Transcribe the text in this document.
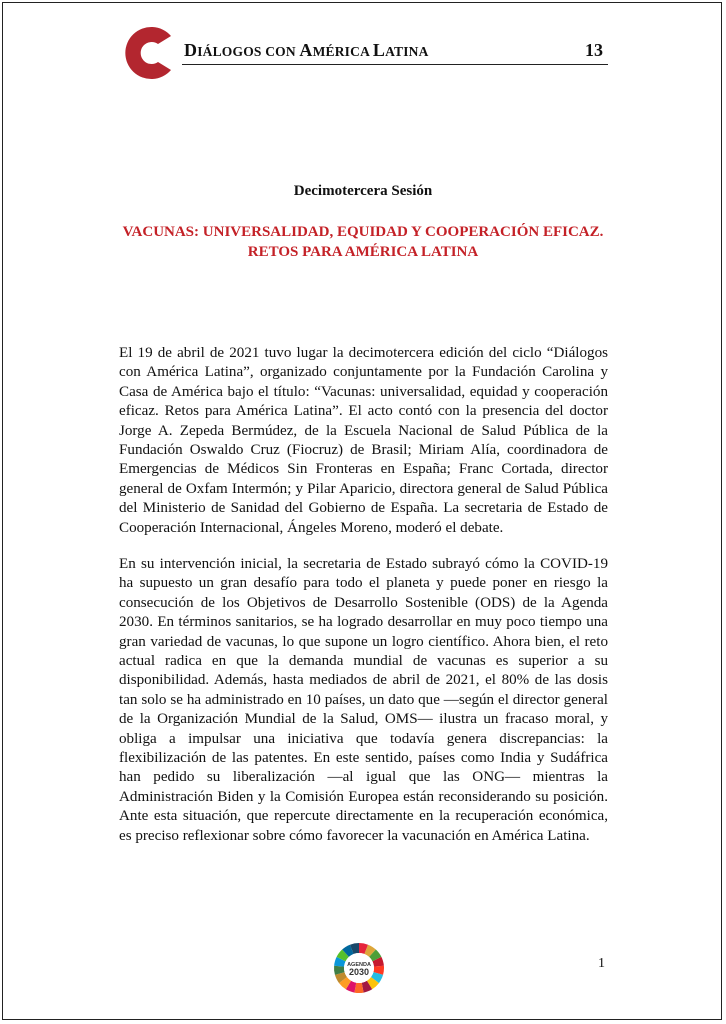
DIÁLOGOS CON AMÉRICA LATINA	13
Decimotercera Sesión
VACUNAS: UNIVERSALIDAD, EQUIDAD Y COOPERACIÓN EFICAZ.
RETOS PARA AMÉRICA LATINA
El 19 de abril de 2021 tuvo lugar la decimotercera edición del ciclo “Diálogos con América Latina”, organizado conjuntamente por la Fundación Carolina y Casa de América bajo el título: “Vacunas: universalidad, equidad y cooperación eficaz. Retos para América Latina”. El acto contó con la presencia del doctor Jorge A. Zepeda Bermúdez, de la Escuela Nacional de Salud Pública de la Fundación Oswaldo Cruz (Fiocruz) de Brasil; Miriam Alía, coordinadora de Emergencias de Médicos Sin Fronteras en España; Franc Cortada, director general de Oxfam Intermón; y Pilar Aparicio, directora general de Salud Pública del Ministerio de Sanidad del Gobierno de España. La secretaria de Estado de Cooperación Internacional, Ángeles Moreno, moderó el debate.
En su intervención inicial, la secretaria de Estado subrayó cómo la COVID-19 ha supuesto un gran desafío para todo el planeta y puede poner en riesgo la consecución de los Objetivos de Desarrollo Sostenible (ODS) de la Agenda 2030. En términos sanitarios, se ha logrado desarrollar en muy poco tiempo una gran variedad de vacunas, lo que supone un logro científico. Ahora bien, el reto actual radica en que la demanda mundial de vacunas es superior a su disponibilidad. Además, hasta mediados de abril de 2021, el 80% de las dosis tan solo se ha administrado en 10 países, un dato que —según el director general de la Organización Mundial de la Salud, OMS— ilustra un fracaso moral, y obliga a impulsar una iniciativa que todavía genera discrepancias: la flexibilización de las patentes. En este sentido, países como India y Sudáfrica han pedido su liberalización —al igual que las ONG— mientras la Administración Biden y la Comisión Europea están reconsiderando su posición. Ante esta situación, que repercute directamente en la recuperación económica, es preciso reflexionar sobre cómo favorecer la vacunación en América Latina.
AGENDA
2030
1
